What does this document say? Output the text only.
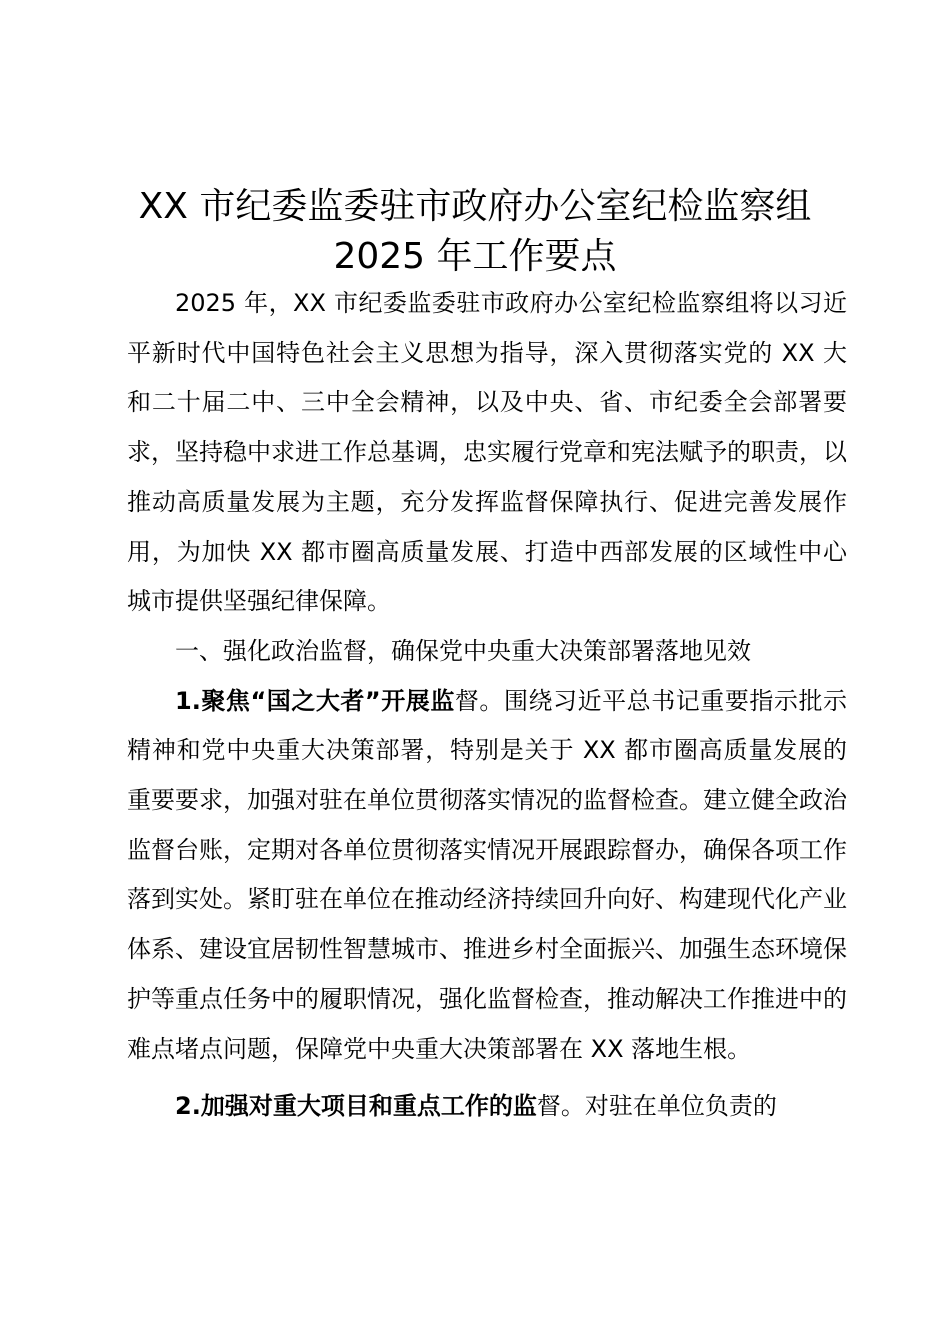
XX 市纪委监委驻市政府办公室纪检监察组
2025 年工作要点

2025 年，XX 市纪委监委驻市政府办公室纪检监察组将以习近平新时代中国特色社会主义思想为指导，深入贯彻落实党的 XX 大和二十届二中、三中全会精神，以及中央、省、市纪委全会部署要求，坚持稳中求进工作总基调，忠实履行党章和宪法赋予的职责，以推动高质量发展为主题，充分发挥监督保障执行、促进完善发展作用，为加快 XX 都市圈高质量发展、打造中西部发展的区域性中心城市提供坚强纪律保障。

一、强化政治监督，确保党中央重大决策部署落地见效

1.聚焦“国之大者”开展监督。围绕习近平总书记重要指示批示精神和党中央重大决策部署，特别是关于 XX 都市圈高质量发展的重要要求，加强对驻在单位贯彻落实情况的监督检查。建立健全政治监督台账，定期对各单位贯彻落实情况开展跟踪督办，确保各项工作落到实处。紧盯驻在单位在推动经济持续回升向好、构建现代化产业体系、建设宜居韧性智慧城市、推进乡村全面振兴、加强生态环境保护等重点任务中的履职情况，强化监督检查，推动解决工作推进中的难点堵点问题，保障党中央重大决策部署在 XX 落地生根。

2.加强对重大项目和重点工作的监督。对驻在单位负责的
